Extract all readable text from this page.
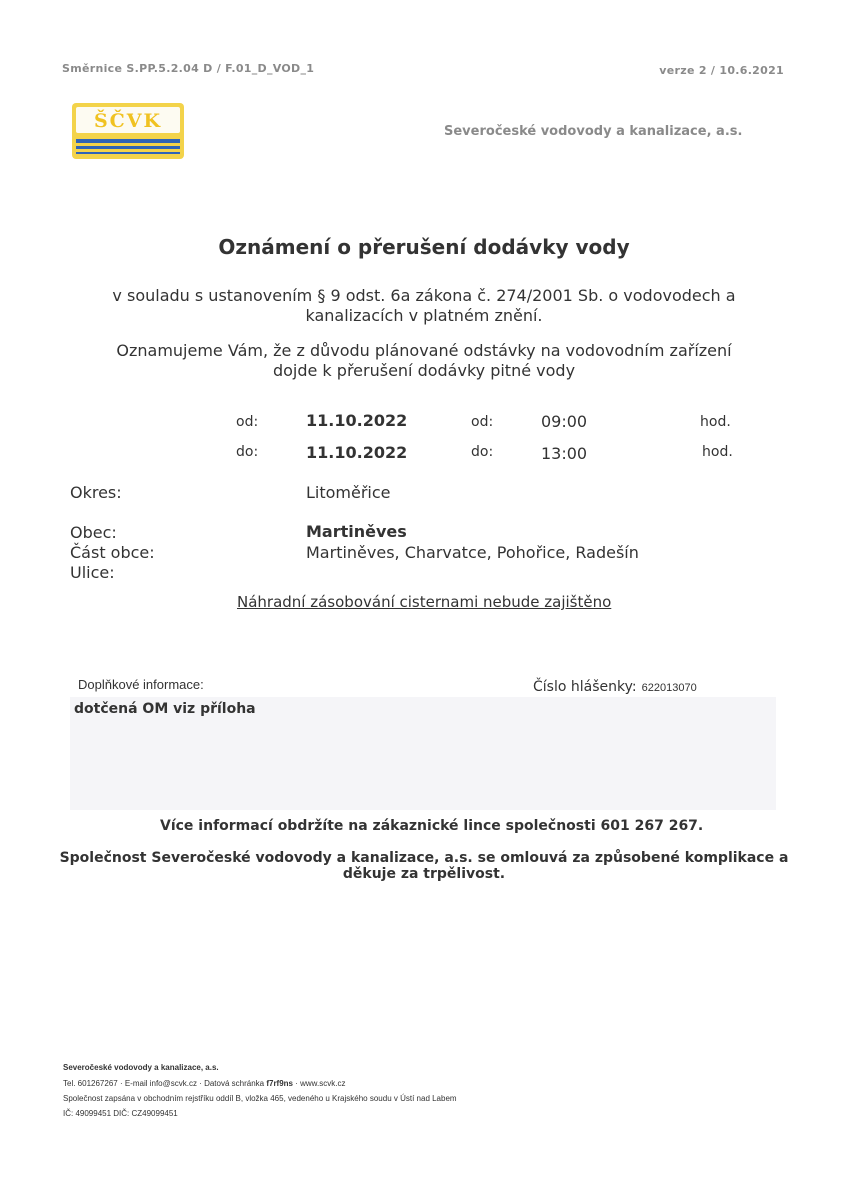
Směrnice S.PP.5.2.04 D / F.01_D_VOD_1	verze 2 / 10.6.2021
ŠČVK	Severočeské vodovody a kanalizace, a.s.
Oznámení o přerušení dodávky vody
v souladu s ustanovením § 9 odst. 6a zákona č. 274/2001 Sb. o vodovodech a
kanalizacích v platném znění.
Oznamujeme Vám, že z důvodu plánované odstávky na vodovodním zařízení
dojde k přerušení dodávky pitné vody
od:	11.10.2022	od:	09:00	hod.
do:	11.10.2022	do:	13:00	hod.
Okres:	Litoměřice
Obec:	Martiněves
Část obce:	Martiněves, Charvatce, Pohořice, Radešín
Ulice:
Náhradní zásobování cisternami nebude zajištěno
Doplňkové informace:	Číslo hlášenky: 622013070
dotčená OM viz příloha
Více informací obdržíte na zákaznické lince společnosti 601 267 267.
Společnost Severočeské vodovody a kanalizace, a.s. se omlouvá za způsobené komplikace a
děkuje za trpělivost.
Severočeské vodovody a kanalizace, a.s.
Tel. 601267267 · E-mail info@scvk.cz · Datová schránka f7rf9ns · www.scvk.cz
Společnost zapsána v obchodním rejstříku oddíl B, vložka 465, vedeného u Krajského soudu v Ústí nad Labem
IČ: 49099451 DIČ: CZ49099451
